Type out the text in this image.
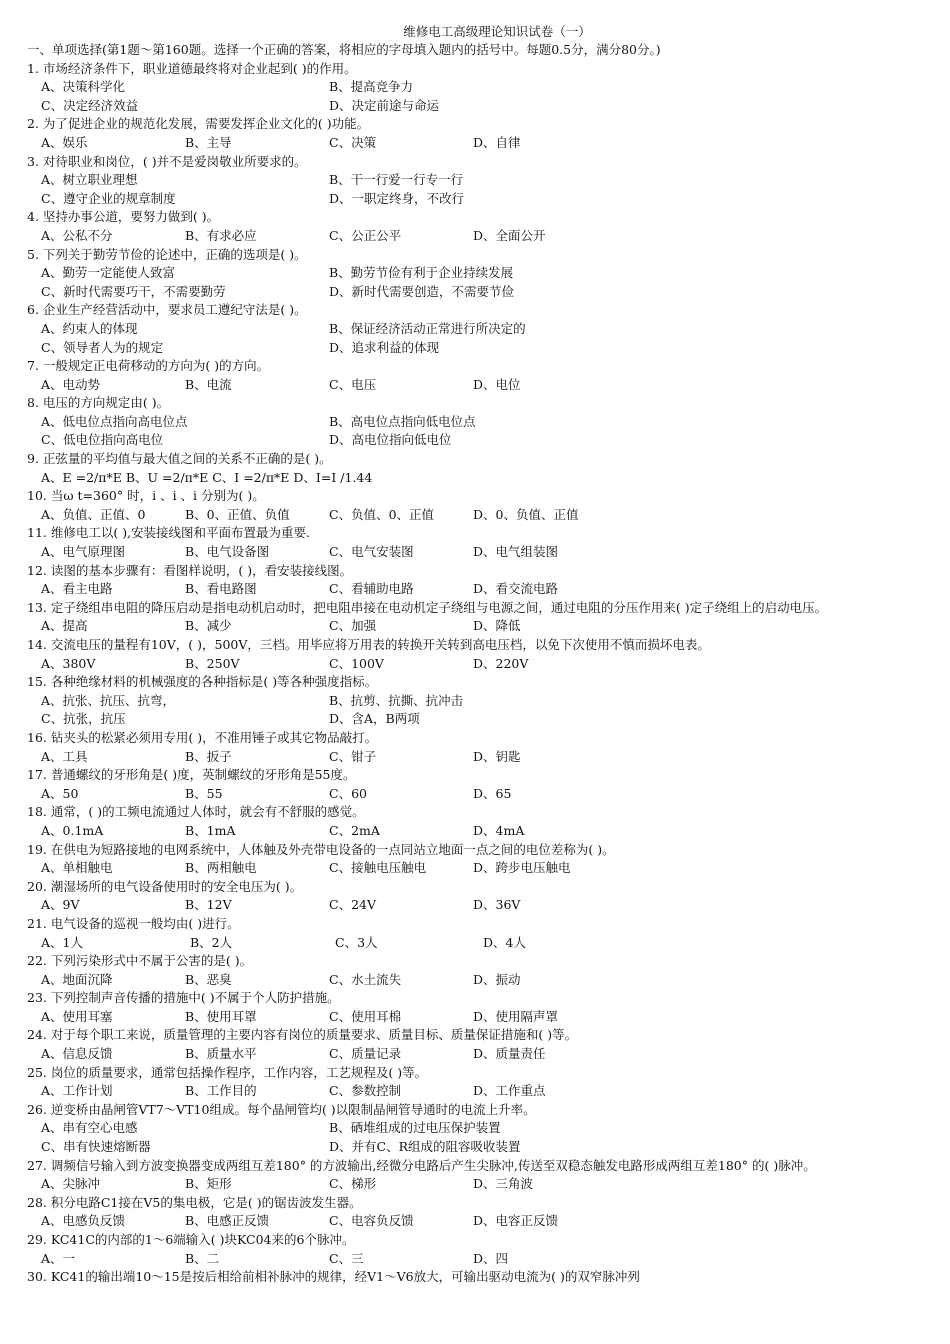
维修电工高级理论知识试卷（一）
一、单项选择(第1题～第160题。选择一个正确的答案，将相应的字母填入题内的括号中。每题0.5分，满分80分。)
1. 市场经济条件下，职业道德最终将对企业起到( )的作用。
A、决策科学化	B、提高竞争力
C、决定经济效益	D、决定前途与命运
2. 为了促进企业的规范化发展，需要发挥企业文化的( )功能。
A、娱乐	B、主导	C、决策	D、自律
3. 对待职业和岗位，( )并不是爱岗敬业所要求的。
A、树立职业理想	B、干一行爱一行专一行
C、遵守企业的规章制度	D、一职定终身，不改行
4. 坚持办事公道，要努力做到( )。
A、公私不分	B、有求必应	C、公正公平	D、全面公开
5. 下列关于勤劳节俭的论述中，正确的选项是( )。
A、勤劳一定能使人致富	B、勤劳节俭有利于企业持续发展
C、新时代需要巧干，不需要勤劳	D、新时代需要创造，不需要节俭
6. 企业生产经营活动中，要求员工遵纪守法是( )。
A、约束人的体现	B、保证经济活动正常进行所决定的
C、领导者人为的规定	D、追求利益的体现
7. 一般规定正电荷移动的方向为( )的方向。
A、电动势	B、电流	C、电压	D、电位
8. 电压的方向规定由( )。
A、低电位点指向高电位点	B、高电位点指向低电位点
C、低电位指向高电位	D、高电位指向低电位
9. 正弦量的平均值与最大值之间的关系不正确的是( )。
A、E =2/π*E B、U =2/π*E C、I =2/π*E D、I=I /1.44
10. 当ω t=360° 时，i 、i 、i 分别为( )。
A、负值、正值、0	B、0、正值、负值	C、负值、0、正值	D、0、负值、正值
11. 维修电工以( ),安装接线图和平面布置最为重要.
A、电气原理图	B、电气设备图	C、电气安装图	D、电气组装图
12. 读图的基本步骤有：看图样说明，( )，看安装接线图。
A、看主电路	B、看电路图	C、看辅助电路	D、看交流电路
13. 定子绕组串电阻的降压启动是指电动机启动时，把电阻串接在电动机定子绕组与电源之间，通过电阻的分压作用来( )定子绕组上的启动电压。
A、提高	B、减少	C、加强	D、降低
14. 交流电压的量程有10V，( )，500V，三档。用毕应将万用表的转换开关转到高电压档，以免下次使用不慎而损坏电表。
A、380V	B、250V	C、100V	D、220V
15. 各种绝缘材料的机械强度的各种指标是( )等各种强度指标。
A、抗张、抗压、抗弯，	B、抗剪、抗撕、抗冲击
C、抗张，抗压	D、含A，B两项
16. 钻夹头的松紧必须用专用( )，不准用锤子或其它物品敲打。
A、工具	B、扳子	C、钳子	D、钥匙
17. 普通螺纹的牙形角是( )度，英制螺纹的牙形角是55度。
A、50	B、55	C、60	D、65
18. 通常，( )的工频电流通过人体时，就会有不舒服的感觉。
A、0.1mA	B、1mA	C、2mA	D、4mA
19. 在供电为短路接地的电网系统中，人体触及外壳带电设备的一点同站立地面一点之间的电位差称为( )。
A、单相触电	B、两相触电	C、接触电压触电	D、跨步电压触电
20. 潮湿场所的电气设备使用时的安全电压为( )。
A、9V	B、12V	C、24V	D、36V
21. 电气设备的巡视一般均由( )进行。
A、1人	B、2人	C、3人	D、4人
22. 下列污染形式中不属于公害的是( )。
A、地面沉降	B、恶臭	C、水土流失	D、振动
23. 下列控制声音传播的措施中( )不属于个人防护措施。
A、使用耳塞	B、使用耳罩	C、使用耳棉	D、使用隔声罩
24. 对于每个职工来说，质量管理的主要内容有岗位的质量要求、质量目标、质量保证措施和( )等。
A、信息反馈	B、质量水平	C、质量记录	D、质量责任
25. 岗位的质量要求，通常包括操作程序，工作内容，工艺规程及( )等。
A、工作计划	B、工作目的	C、参数控制	D、工作重点
26. 逆变桥由晶闸管VT7～VT10组成。每个晶闸管均( )以限制晶闸管导通时的电流上升率。
A、串有空心电感	B、硒堆组成的过电压保护装置
C、串有快速熔断器	D、并有C、R组成的阻容吸收装置
27. 调频信号输入到方波变换器变成两组互差180° 的方波输出,经微分电路后产生尖脉冲,传送至双稳态触发电路形成两组互差180° 的( )脉冲。
A、尖脉冲	B、矩形	C、梯形	D、三角波
28. 积分电路C1接在V5的集电极，它是( )的锯齿波发生器。
A、电感负反馈	B、电感正反馈	C、电容负反馈	D、电容正反馈
29. KC41C的内部的1～6端输入( )块KC04来的6个脉冲。
A、一	B、二	C、三	D、四
30. KC41的输出端10～15是按后相给前相补脉冲的规律，经V1～V6放大，可输出驱动电流为( )的双窄脉冲列
